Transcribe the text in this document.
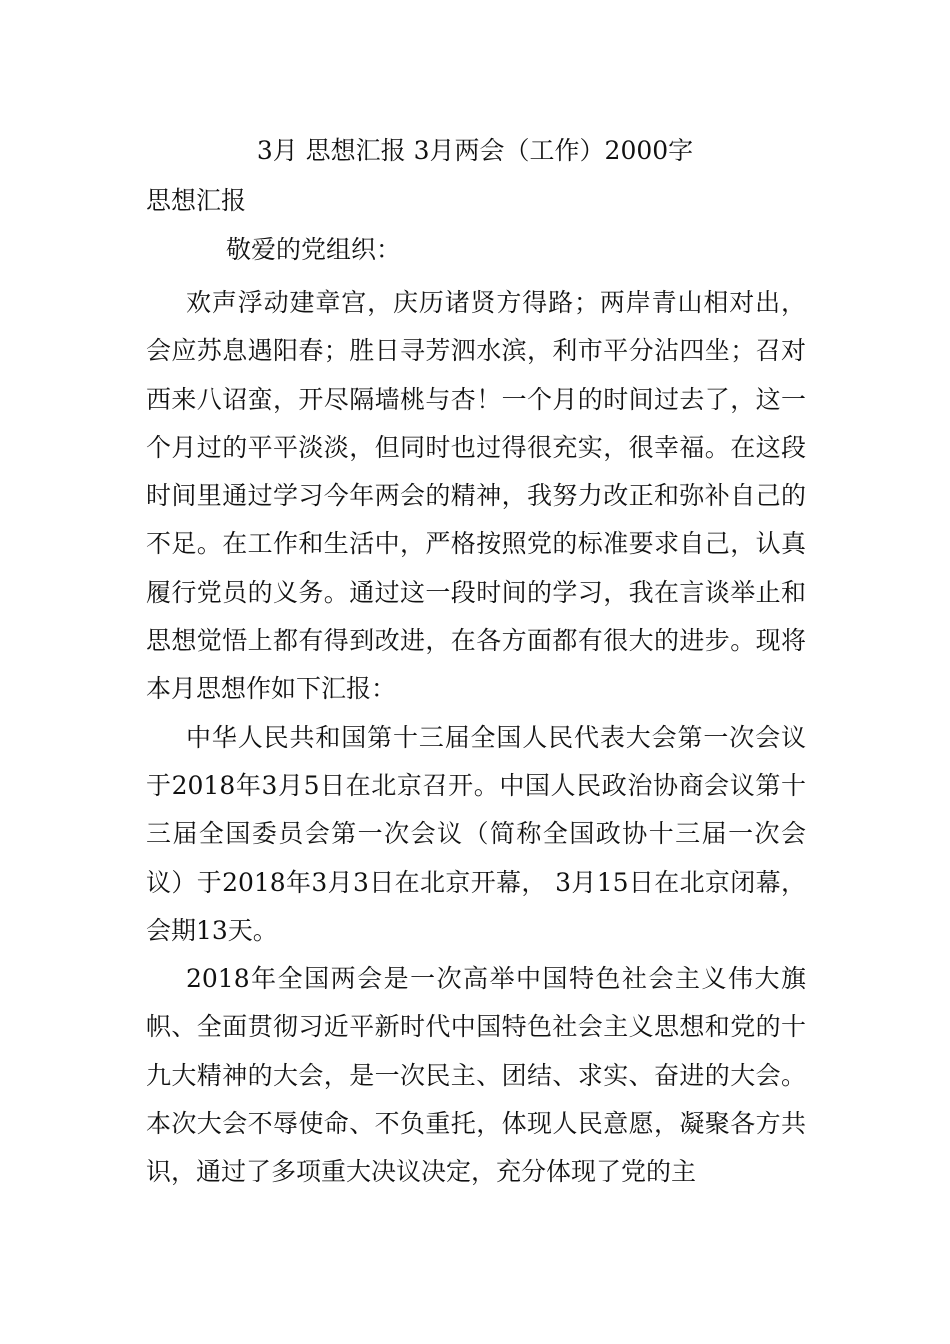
3月 思想汇报 3月两会（工作）2000字
思想汇报
敬爱的党组织：

欢声浮动建章宫，庆历诸贤方得路；两岸青山相对出，会应苏息遇阳春；胜日寻芳泗水滨，利市平分沾四坐；召对西来八诏蛮，开尽隔墙桃与杏！一个月的时间过去了，这一个月过的平平淡淡，但同时也过得很充实，很幸福。在这段时间里通过学习今年两会的精神，我努力改正和弥补自己的不足。在工作和生活中，严格按照党的标准要求自己，认真履行党员的义务。通过这一段时间的学习，我在言谈举止和思想觉悟上都有得到改进，在各方面都有很大的进步。现将本月思想作如下汇报：

中华人民共和国第十三届全国人民代表大会第一次会议于2018年3月5日在北京召开。中国人民政治协商会议第十三届全国委员会第一次会议（简称全国政协十三届一次会议）于2018年3月3日在北京开幕， 3月15日在北京闭幕，会期13天。

2018年全国两会是一次高举中国特色社会主义伟大旗帜、全面贯彻习近平新时代中国特色社会主义思想和党的十九大精神的大会，是一次民主、团结、求实、奋进的大会。本次大会不辱使命、不负重托，体现人民意愿，凝聚各方共识，通过了多项重大决议决定，充分体现了党的主
